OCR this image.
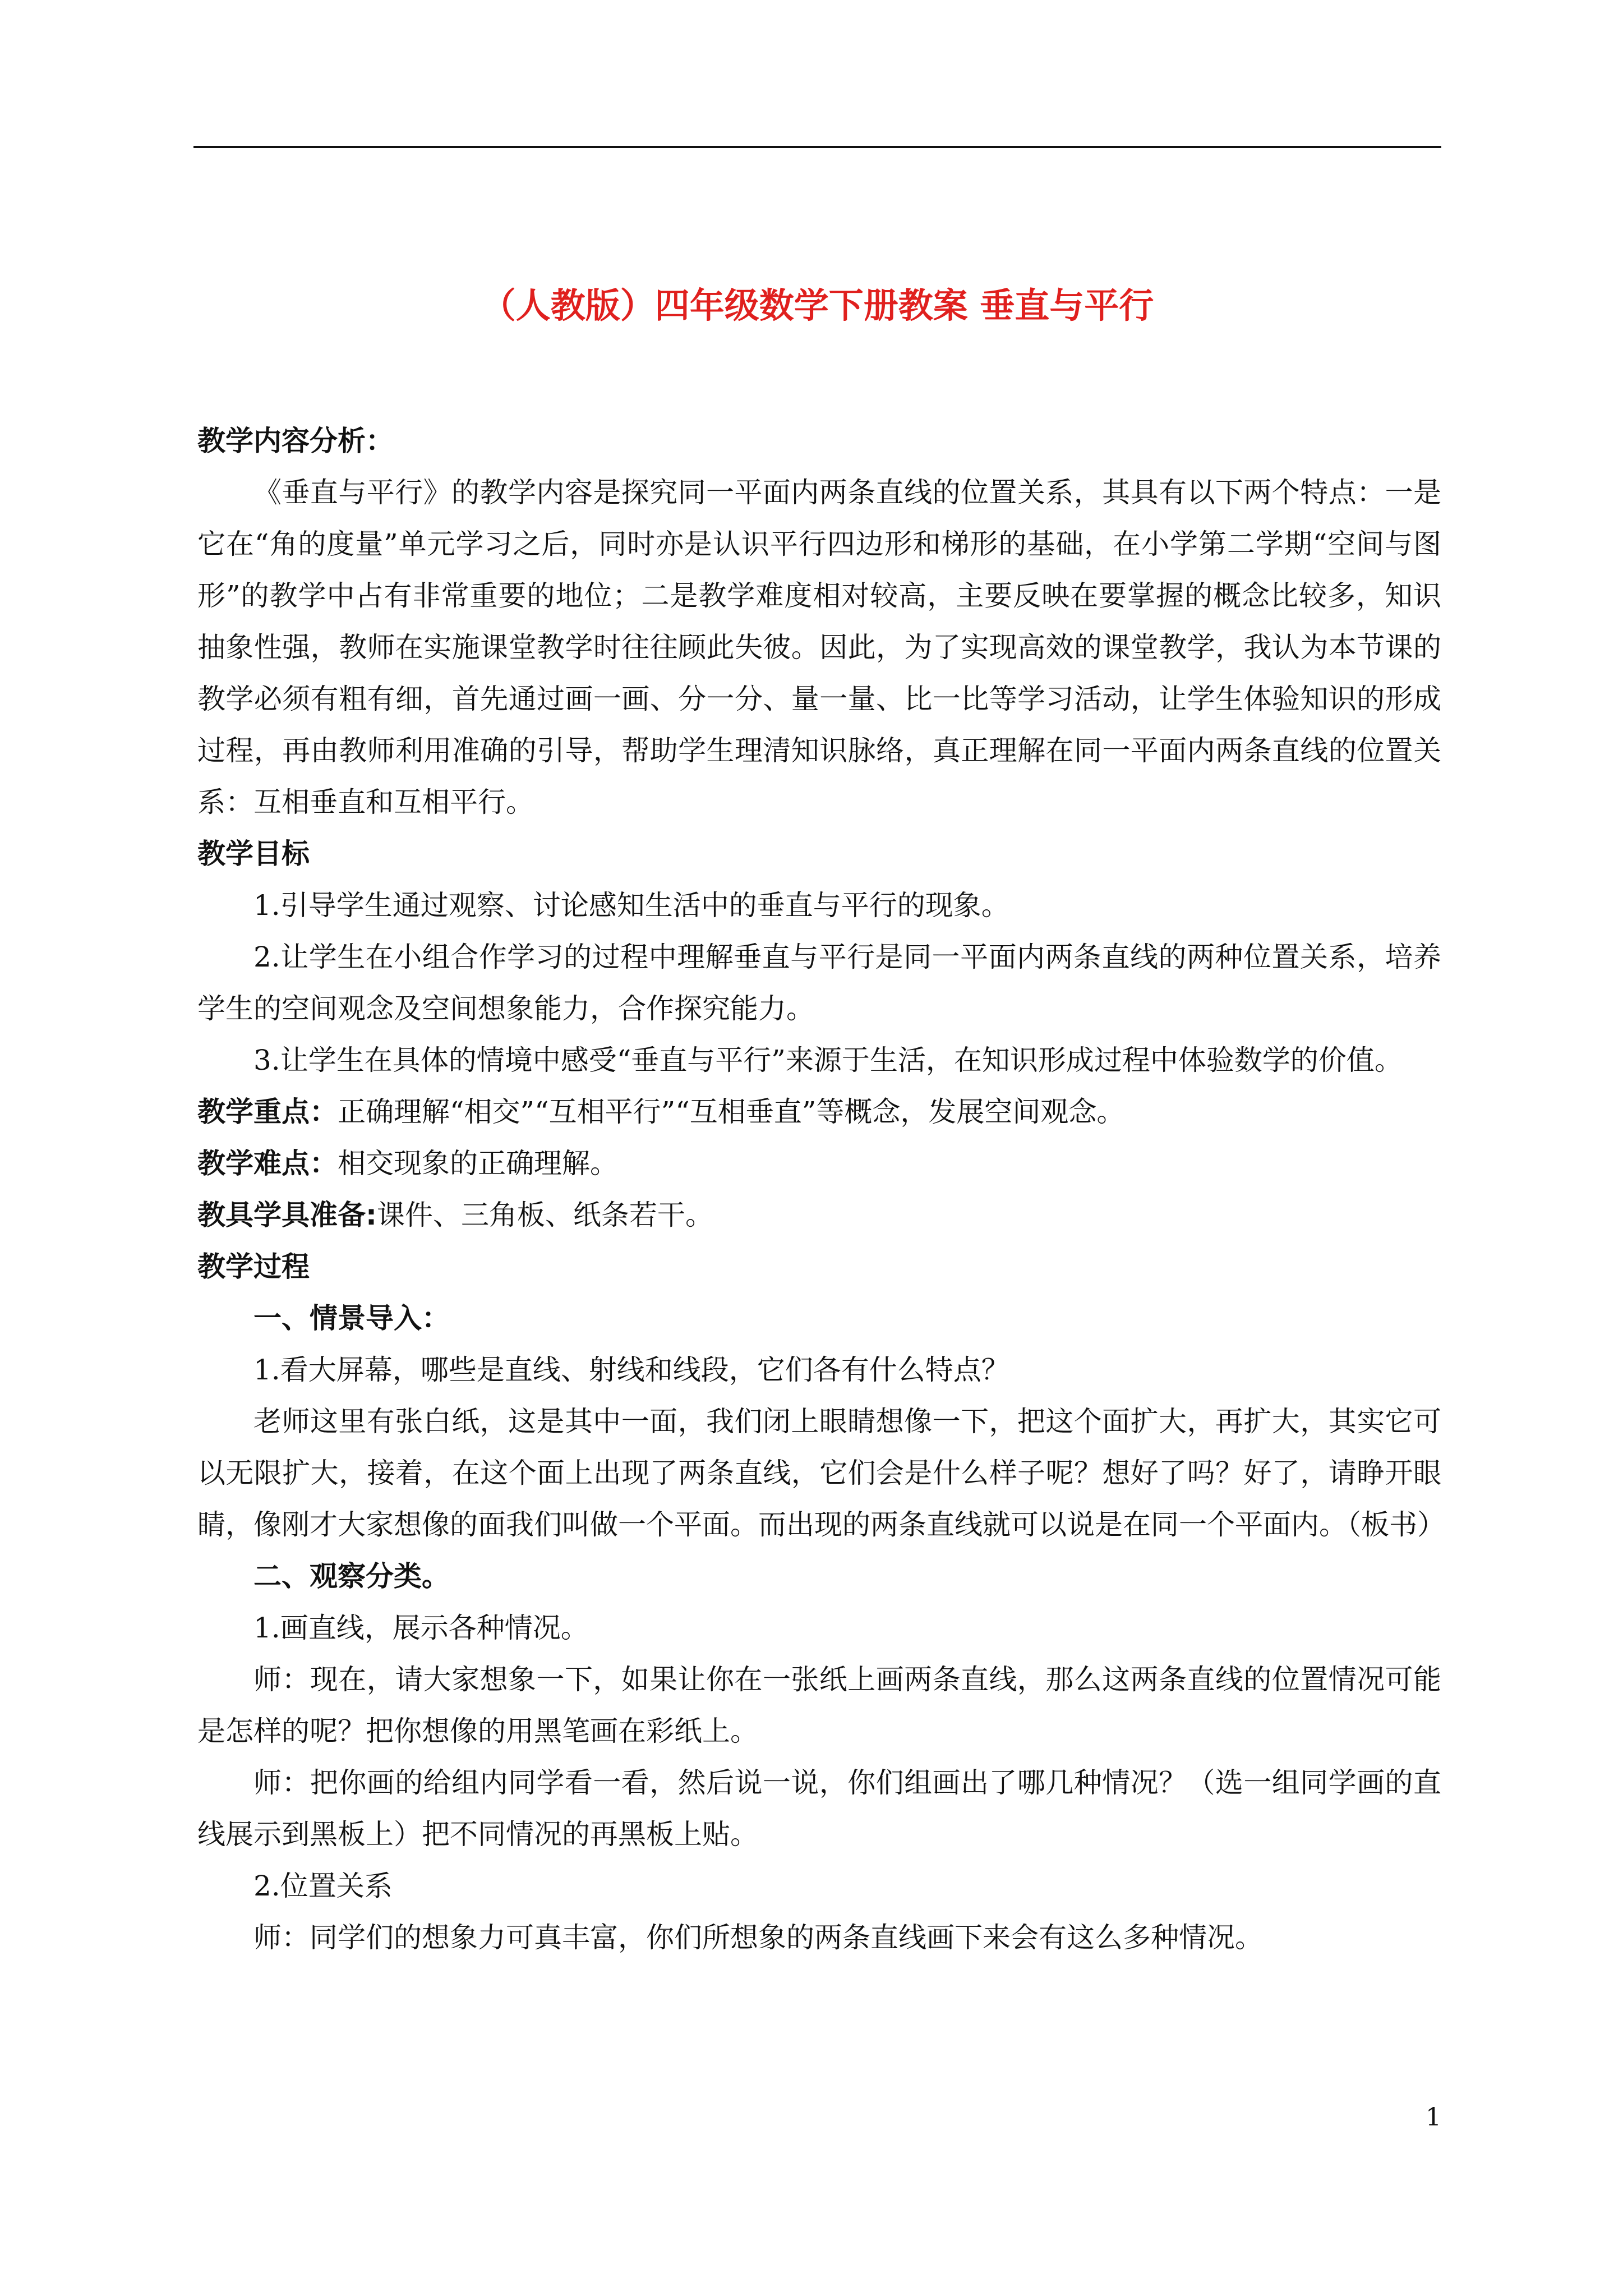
（人教版）四年级数学下册教案 垂直与平行

教学内容分析：

《垂直与平行》的教学内容是探究同一平面内两条直线的位置关系，其具有以下两个特点：一是它在“角的度量”单元学习之后，同时亦是认识平行四边形和梯形的基础，在小学第二学期“空间与图形”的教学中占有非常重要的地位；二是教学难度相对较高，主要反映在要掌握的概念比较多，知识抽象性强，教师在实施课堂教学时往往顾此失彼。因此，为了实现高效的课堂教学，我认为本节课的教学必须有粗有细，首先通过画一画、分一分、量一量、比一比等学习活动，让学生体验知识的形成过程，再由教师利用准确的引导，帮助学生理清知识脉络，真正理解在同一平面内两条直线的位置关系：互相垂直和互相平行。

教学目标

1.引导学生通过观察、讨论感知生活中的垂直与平行的现象。

2.让学生在小组合作学习的过程中理解垂直与平行是同一平面内两条直线的两种位置关系，培养学生的空间观念及空间想象能力，合作探究能力。

3.让学生在具体的情境中感受“垂直与平行”来源于生活，在知识形成过程中体验数学的价值。

教学重点：正确理解“相交”“互相平行”“互相垂直”等概念，发展空间观念。

教学难点：相交现象的正确理解。

教具学具准备:课件、三角板、纸条若干。

教学过程

一、情景导入：

1.看大屏幕，哪些是直线、射线和线段，它们各有什么特点？

老师这里有张白纸，这是其中一面，我们闭上眼睛想像一下，把这个面扩大，再扩大，其实它可以无限扩大，接着，在这个面上出现了两条直线，它们会是什么样子呢？想好了吗？好了，请睁开眼睛，像刚才大家想像的面我们叫做一个平面。而出现的两条直线就可以说是在同一个平面内。（板书）

二、观察分类。

1.画直线，展示各种情况。

师：现在，请大家想象一下，如果让你在一张纸上画两条直线，那么这两条直线的位置情况可能是怎样的呢？把你想像的用黑笔画在彩纸上。

师：把你画的给组内同学看一看，然后说一说，你们组画出了哪几种情况？（选一组同学画的直线展示到黑板上）把不同情况的再黑板上贴。

2.位置关系

师：同学们的想象力可真丰富，你们所想象的两条直线画下来会有这么多种情况。

1
